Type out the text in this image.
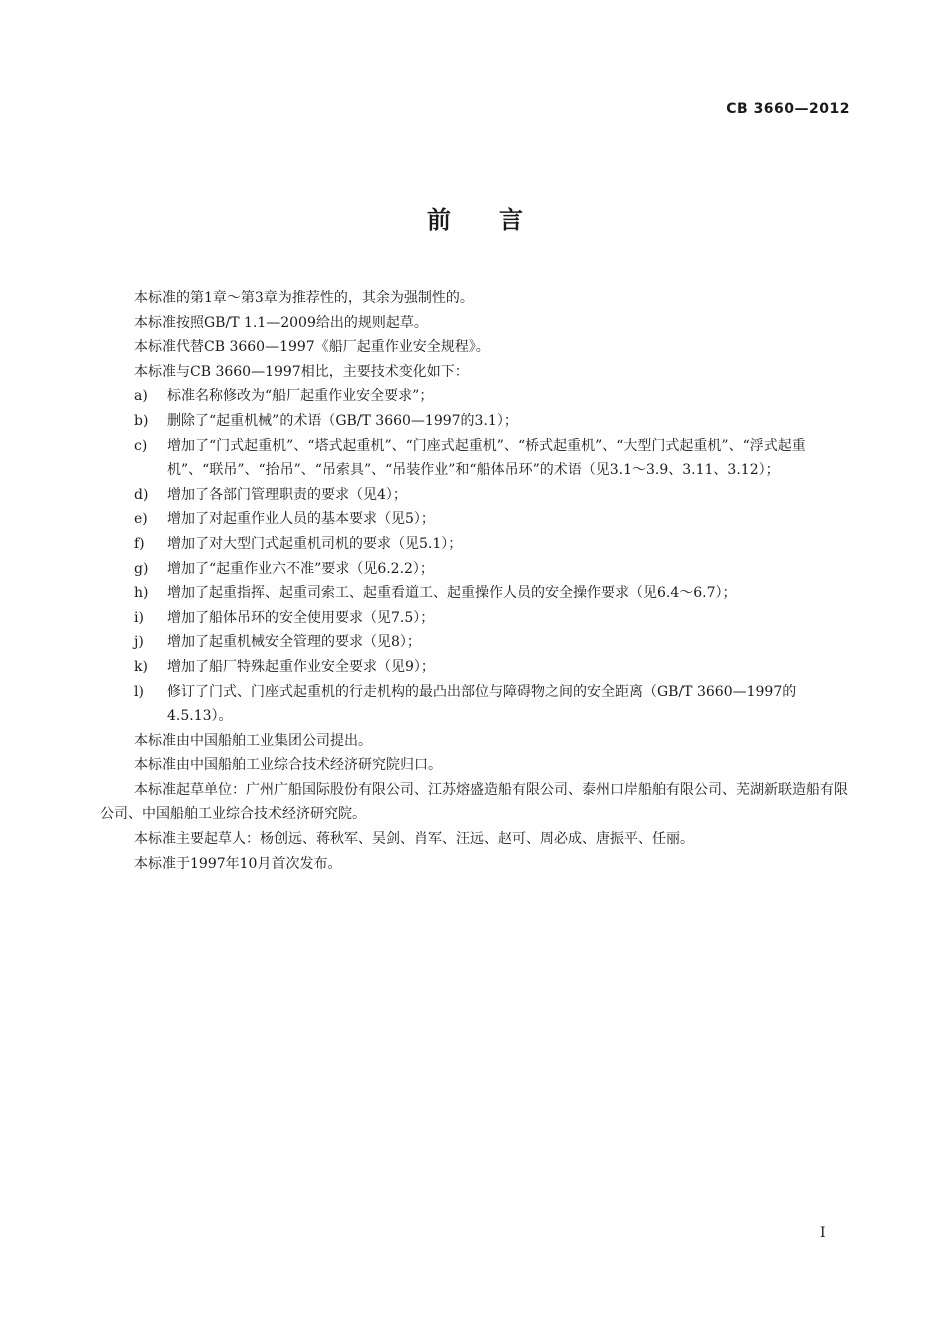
CB 3660—2012
前言

本标准的第1章～第3章为推荐性的，其余为强制性的。

本标准按照GB/T 1.1—2009给出的规则起草。

本标准代替CB 3660—1997《船厂起重作业安全规程》。

本标准与CB 3660—1997相比，主要技术变化如下：

a) 标准名称修改为“船厂起重作业安全要求”；

b) 删除了“起重机械”的术语（GB/T 3660—1997的3.1）；

c) 增加了“门式起重机”、“塔式起重机”、“门座式起重机”、“桥式起重机”、“大型门式起重机”、“浮式起重机”、“联吊”、“抬吊”、“吊索具”、“吊装作业”和“船体吊环”的术语（见3.1～3.9、3.11、3.12）；

d) 增加了各部门管理职责的要求（见4）；

e) 增加了对起重作业人员的基本要求（见5）；

f) 增加了对大型门式起重机司机的要求（见5.1）；

g) 增加了“起重作业六不准”要求（见6.2.2）；

h) 增加了起重指挥、起重司索工、起重看道工、起重操作人员的安全操作要求（见6.4～6.7）；

i) 增加了船体吊环的安全使用要求（见7.5）；

j) 增加了起重机械安全管理的要求（见8）；

k) 增加了船厂特殊起重作业安全要求（见9）；

l) 修订了门式、门座式起重机的行走机构的最凸出部位与障碍物之间的安全距离（GB/T 3660—1997的4.5.13）。

本标准由中国船舶工业集团公司提出。

本标准由中国船舶工业综合技术经济研究院归口。

本标准起草单位：广州广船国际股份有限公司、江苏熔盛造船有限公司、泰州口岸船舶有限公司、芜湖新联造船有限公司、中国船舶工业综合技术经济研究院。

本标准主要起草人：杨创远、蒋秋军、吴剑、肖军、汪远、赵可、周必成、唐振平、任丽。

本标准于1997年10月首次发布。

I
